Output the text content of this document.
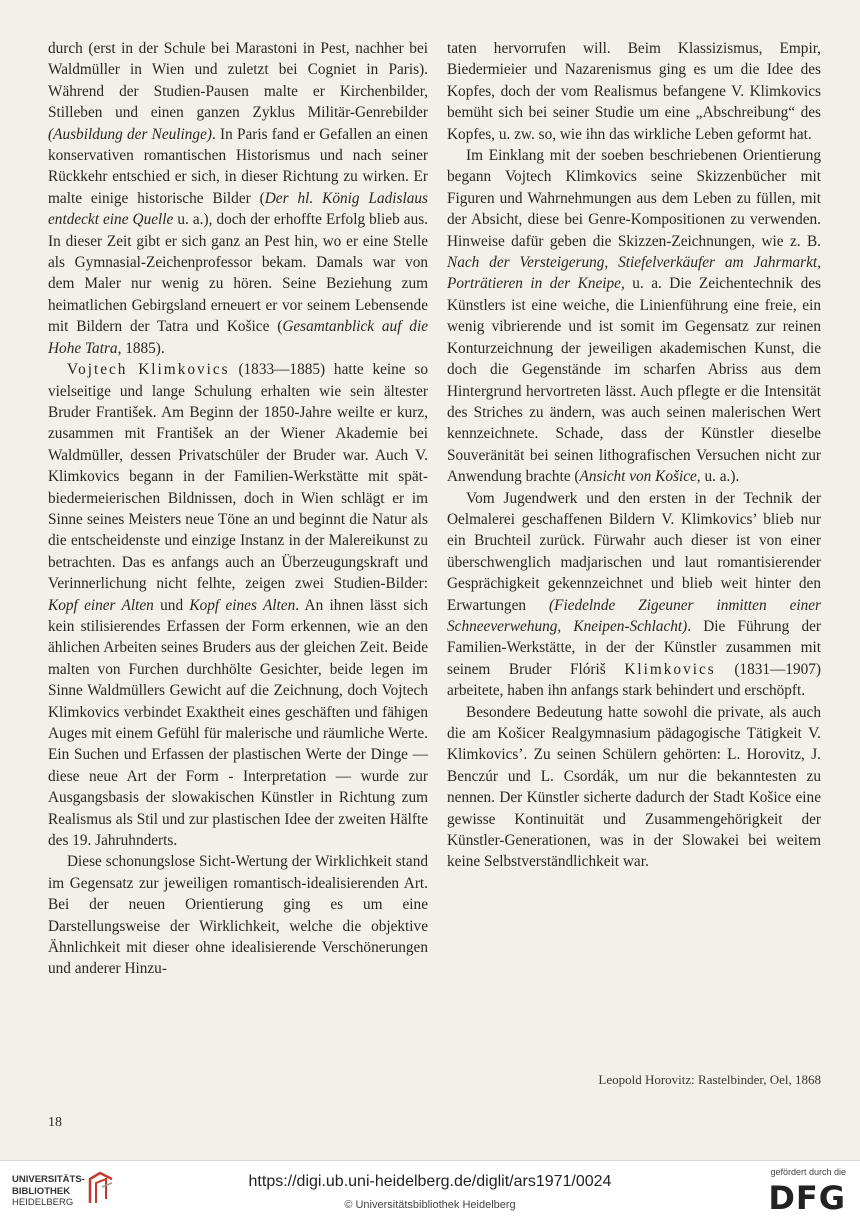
durch (erst in der Schule bei Marastoni in Pest, nachher bei Waldmüller in Wien und zuletzt bei Cogniet in Paris). Während der Studien-Pausen malte er Kirchenbilder, Stilleben und einen ganzen Zyklus Militär-Genrebilder (Ausbildung der Neulinge). In Paris fand er Gefallen an einen konservativen romantischen Historismus und nach seiner Rückkehr entschied er sich, in dieser Richtung zu wirken. Er malte einige historische Bilder (Der hl. König Ladislaus entdeckt eine Quelle u. a.), doch der erhoffte Erfolg blieb aus. In dieser Zeit gibt er sich ganz an Pest hin, wo er eine Stelle als Gymnasial-Zeichenprofessor bekam. Damals war von dem Maler nur wenig zu hören. Seine Beziehung zum heimatlichen Gebirgsland erneuert er vor seinem Lebensende mit Bildern der Tatra und Košice (Gesamtanblick auf die Hohe Tatra, 1885).

Vojtech Klimkovics (1833—1885) hatte keine so vielseitige und lange Schulung erhalten wie sein ältester Bruder František. Am Beginn der 1850-Jahre weilte er kurz, zusammen mit František an der Wiener Akademie bei Waldmüller, dessen Privatschüler der Bruder war. Auch V. Klimkovics begann in der Familien-Werkstätte mit spät-biedermeierischen Bildnissen, doch in Wien schlägt er im Sinne seines Meisters neue Töne an und beginnt die Natur als die entscheidenste und einzige Instanz in der Malereikunst zu betrachten. Das es anfangs auch an Überzeugungskraft und Verinnerlichung nicht felhte, zeigen zwei Studien-Bilder: Kopf einer Alten und Kopf eines Alten. An ihnen lässt sich kein stilisierendes Erfassen der Form erkennen, wie an den ählichen Arbeiten seines Bruders aus der gleichen Zeit. Beide malten von Furchen durchhölte Gesichter, beide legen im Sinne Waldmüllers Gewicht auf die Zeichnung, doch Vojtech Klimkovics verbindet Exaktheit eines geschäften und fähigen Auges mit einem Gefühl für malerische und räumliche Werte. Ein Suchen und Erfassen der plastischen Werte der Dinge — diese neue Art der Form - Interpretation — wurde zur Ausgangsbasis der slowakischen Künstler in Richtung zum Realismus als Stil und zur plastischen Idee der zweiten Hälfte des 19. Jahruhnderts.

Diese schonungslose Sicht-Wertung der Wirklichkeit stand im Gegensatz zur jeweiligen romantisch-idealisierenden Art. Bei der neuen Orientierung ging es um eine Darstellungsweise der Wirklichkeit, welche die objektive Ähnlichkeit mit dieser ohne idealisierende Verschönerungen und anderer Hinzu-

taten hervorrufen will. Beim Klassizismus, Empir, Biedermieier und Nazarenismus ging es um die Idee des Kopfes, doch der vom Realismus befangene V. Klimkovics bemüht sich bei seiner Studie um eine „Abschreibung“ des Kopfes, u. zw. so, wie ihn das wirkliche Leben geformt hat.

Im Einklang mit der soeben beschriebenen Orientierung begann Vojtech Klimkovics seine Skizzenbücher mit Figuren und Wahrnehmungen aus dem Leben zu füllen, mit der Absicht, diese bei Genre-Kompositionen zu verwenden. Hinweise dafür geben die Skizzen-Zeichnungen, wie z. B. Nach der Versteigerung, Stiefelverkäufer am Jahrmarkt, Porträtieren in der Kneipe, u. a. Die Zeichentechnik des Künstlers ist eine weiche, die Linienführung eine freie, ein wenig vibrierende und ist somit im Gegensatz zur reinen Konturzeichnung der jeweiligen akademischen Kunst, die doch die Gegenstände im scharfen Abriss aus dem Hintergrund hervortreten lässt. Auch pflegte er die Intensität des Striches zu ändern, was auch seinen malerischen Wert kennzeichnete. Schade, dass der Künstler dieselbe Souveränität bei seinen lithografischen Versuchen nicht zur Anwendung brachte (Ansicht von Košice, u. a.).

Vom Jugendwerk und den ersten in der Technik der Oelmalerei geschaffenen Bildern V. Klimkovics’ blieb nur ein Bruchteil zurück. Fürwahr auch dieser ist von einer überschwenglich madjarischen und laut romantisierender Gesprächigkeit gekennzeichnet und blieb weit hinter den Erwartungen (Fiedelnde Zigeuner inmitten einer Schneeverwehung, Kneipen-Schlacht). Die Führung der Familien-Werkstätte, in der der Künstler zusammen mit seinem Bruder Flóriš Klimkovics (1831—1907) arbeitete, haben ihn anfangs stark behindert und erschöpft.

Besondere Bedeutung hatte sowohl die private, als auch die am Košicer Realgymnasium pädagogische Tätigkeit V. Klimkovics’. Zu seinen Schülern gehörten: L. Horovitz, J. Benczúr und L. Csordák, um nur die bekanntesten zu nennen. Der Künstler sicherte dadurch der Stadt Košice eine gewisse Kontinuität und Zusammengehörigkeit der Künstler-Generationen, was in der Slowakei bei weitem keine Selbstverständlichkeit war.

Leopold Horovitz: Rastelbinder, Oel, 1868
18
UNIVERSITÄTS-
BIBLIOTHEK
HEIDELBERG
https://digi.ub.uni-heidelberg.de/diglit/ars1971/0024
© Universitätsbibliothek Heidelberg
gefördert durch die
DFG
